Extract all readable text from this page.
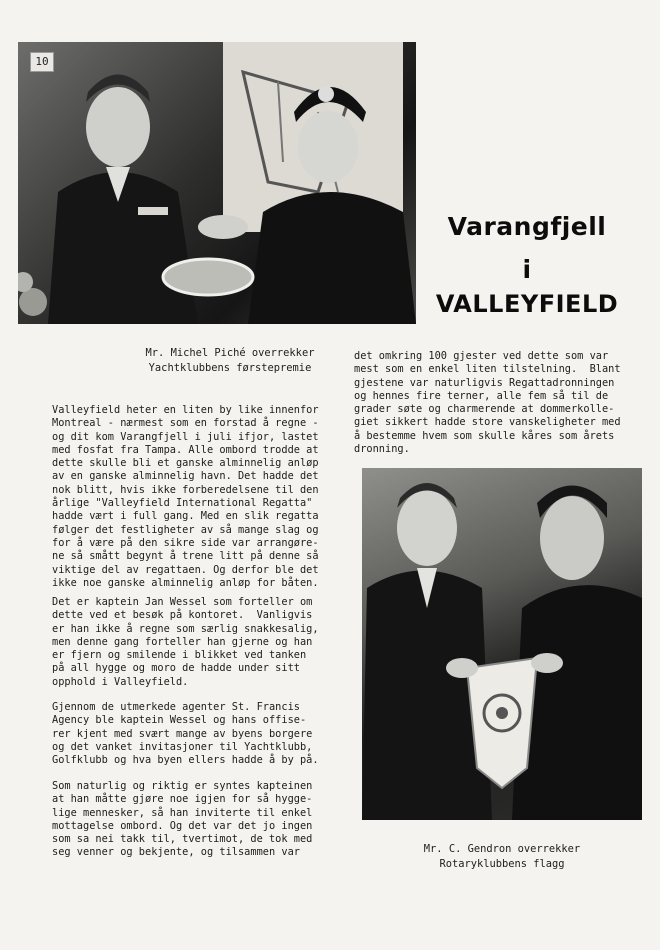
10
Varangfjell
i
VALLEYFIELD
Mr. Michel Piché overrekker
Yachtklubbens førstepremie
det omkring 100 gjester ved dette som var
mest som en enkel liten tilstelning.  Blant
gjestene var naturligvis Regattadronningen
og hennes fire terner, alle fem så til de
grader søte og charmerende at dommerkolle-
giet sikkert hadde store vanskeligheter med
å bestemme hvem som skulle kåres som årets
dronning.
Valleyfield heter en liten by like innenfor
Montreal - nærmest som en forstad å regne -
og dit kom Varangfjell i juli ifjor, lastet
med fosfat fra Tampa. Alle ombord trodde at
dette skulle bli et ganske alminnelig anløp
av en ganske alminnelig havn. Det hadde det
nok blitt, hvis ikke forberedelsene til den
årlige "Valleyfield International Regatta"
hadde vært i full gang. Med en slik regatta
følger det festligheter av så mange slag og
for å være på den sikre side var arrangøre-
ne så smått begynt å trene litt på denne så
viktige del av regattaen. Og derfor ble det
ikke noe ganske alminnelig anløp for båten.
Det er kaptein Jan Wessel som forteller om
dette ved et besøk på kontoret.  Vanligvis
er han ikke å regne som særlig snakkesalig,
men denne gang forteller han gjerne og han
er fjern og smilende i blikket ved tanken
på all hygge og moro de hadde under sitt
opphold i Valleyfield.
Gjennom de utmerkede agenter St. Francis
Agency ble kaptein Wessel og hans offise-
rer kjent med svært mange av byens borgere
og det vanket invitasjoner til Yachtklubb,
Golfklubb og hva byen ellers hadde å by på.
Som naturlig og riktig er syntes kapteinen
at han måtte gjøre noe igjen for så hygge-
lige mennesker, så han inviterte til enkel
mottagelse ombord. Og det var det jo ingen
som sa nei takk til, tvertimot, de tok med
seg venner og bekjente, og tilsammen var	Mr. C. Gendron overrekker
Rotaryklubbens flagg
